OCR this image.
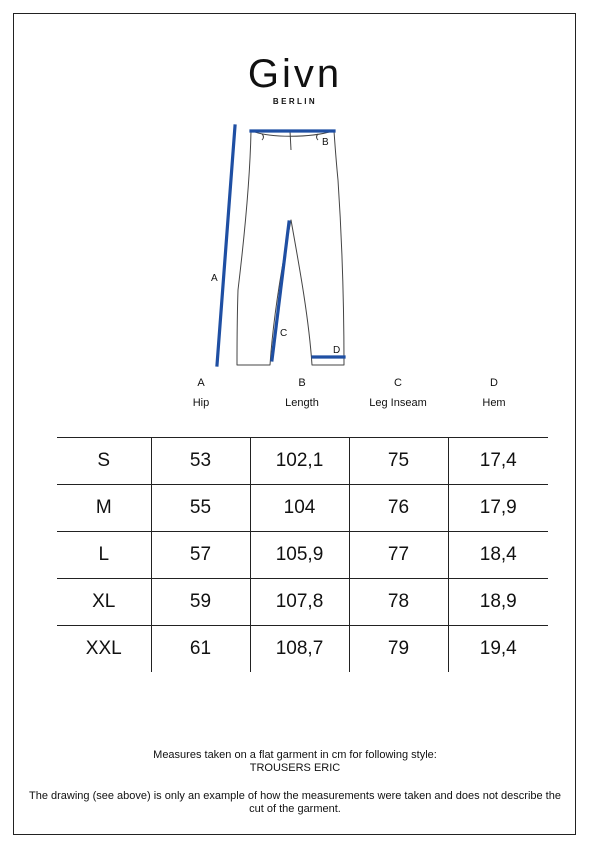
Givn
BERLIN
A
B
C
D
A
Hip
B
Length
C
Leg Inseam
D
Hem
S	53	102,1	75	17,4
M	55	104	76	17,9
L	57	105,9	77	18,4
XL	59	107,8	78	18,9
XXL	61	108,7	79	19,4
Measures taken on a flat garment in cm for following style:
TROUSERS ERIC
The drawing (see above) is only an example of how the measurements were taken and does not describe the cut of the garment.
